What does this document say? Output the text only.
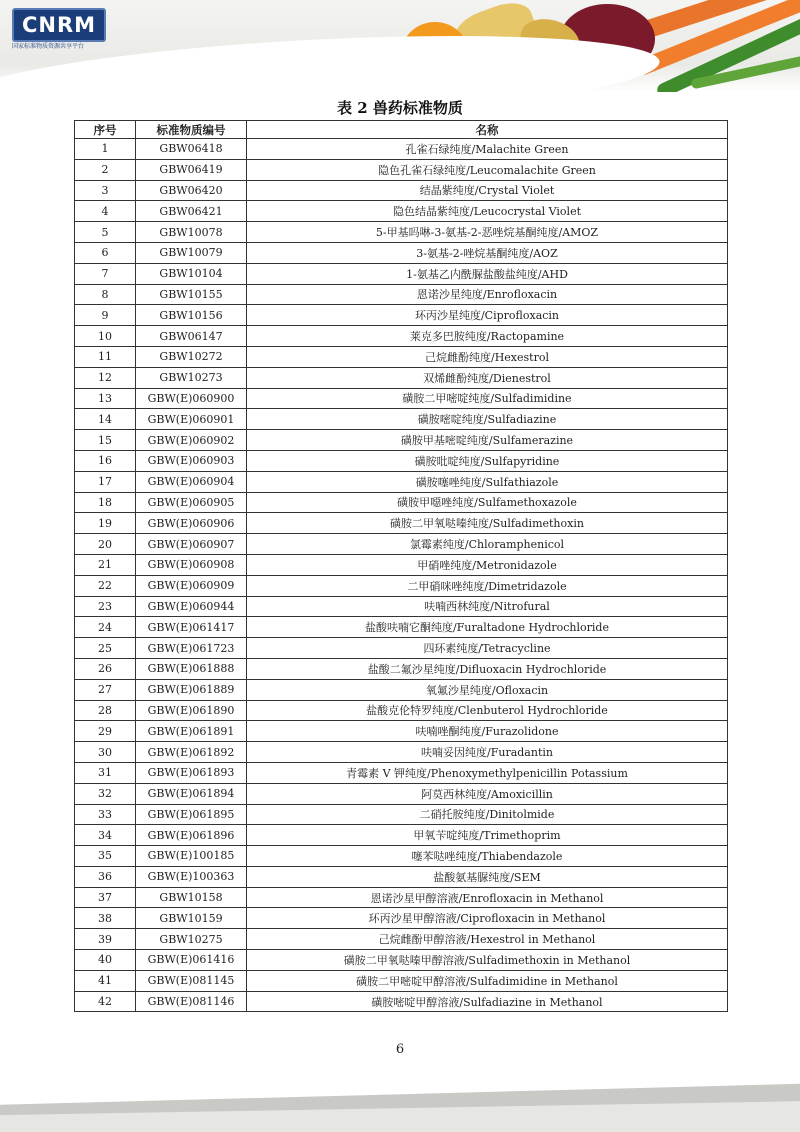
CNRM
国家标准物质资源共享平台
表 2 兽药标准物质
序号	标准物质编号	名称
1	GBW06418	孔雀石绿纯度/Malachite Green
2	GBW06419	隐色孔雀石绿纯度/Leucomalachite Green
3	GBW06420	结晶紫纯度/Crystal Violet
4	GBW06421	隐色结晶紫纯度/Leucocrystal Violet
5	GBW10078	5-甲基吗啉-3-氨基-2-恶唑烷基酮纯度/AMOZ
6	GBW10079	3-氨基-2-唑烷基酮纯度/AOZ
7	GBW10104	1-氨基乙内酰脲盐酸盐纯度/AHD
8	GBW10155	恩诺沙星纯度/Enrofloxacin
9	GBW10156	环丙沙星纯度/Ciprofloxacin
10	GBW06147	莱克多巴胺纯度/Ractopamine
11	GBW10272	己烷雌酚纯度/Hexestrol
12	GBW10273	双烯雌酚纯度/Dienestrol
13	GBW(E)060900	磺胺二甲嘧啶纯度/Sulfadimidine
14	GBW(E)060901	磺胺嘧啶纯度/Sulfadiazine
15	GBW(E)060902	磺胺甲基嘧啶纯度/Sulfamerazine
16	GBW(E)060903	磺胺吡啶纯度/Sulfapyridine
17	GBW(E)060904	磺胺噻唑纯度/Sulfathiazole
18	GBW(E)060905	磺胺甲噁唑纯度/Sulfamethoxazole
19	GBW(E)060906	磺胺二甲氧哒嗪纯度/Sulfadimethoxin
20	GBW(E)060907	氯霉素纯度/Chloramphenicol
21	GBW(E)060908	甲硝唑纯度/Metronidazole
22	GBW(E)060909	二甲硝咪唑纯度/Dimetridazole
23	GBW(E)060944	呋喃西林纯度/Nitrofural
24	GBW(E)061417	盐酸呋喃它酮纯度/Furaltadone Hydrochloride
25	GBW(E)061723	四环素纯度/Tetracycline
26	GBW(E)061888	盐酸二氟沙星纯度/Difluoxacin Hydrochloride
27	GBW(E)061889	氧氟沙星纯度/Ofloxacin
28	GBW(E)061890	盐酸克伦特罗纯度/Clenbuterol Hydrochloride
29	GBW(E)061891	呋喃唑酮纯度/Furazolidone
30	GBW(E)061892	呋喃妥因纯度/Furadantin
31	GBW(E)061893	青霉素 V 钾纯度/Phenoxymethylpenicillin Potassium
32	GBW(E)061894	阿莫西林纯度/Amoxicillin
33	GBW(E)061895	二硝托胺纯度/Dinitolmide
34	GBW(E)061896	甲氧苄啶纯度/Trimethoprim
35	GBW(E)100185	噻苯哒唑纯度/Thiabendazole
36	GBW(E)100363	盐酸氨基脲纯度/SEM
37	GBW10158	恩诺沙星甲醇溶液/Enrofloxacin in Methanol
38	GBW10159	环丙沙星甲醇溶液/Ciprofloxacin in Methanol
39	GBW10275	己烷雌酚甲醇溶液/Hexestrol in Methanol
40	GBW(E)061416	磺胺二甲氧哒嗪甲醇溶液/Sulfadimethoxin in Methanol
41	GBW(E)081145	磺胺二甲嘧啶甲醇溶液/Sulfadimidine in Methanol
42	GBW(E)081146	磺胺嘧啶甲醇溶液/Sulfadiazine in Methanol
6
